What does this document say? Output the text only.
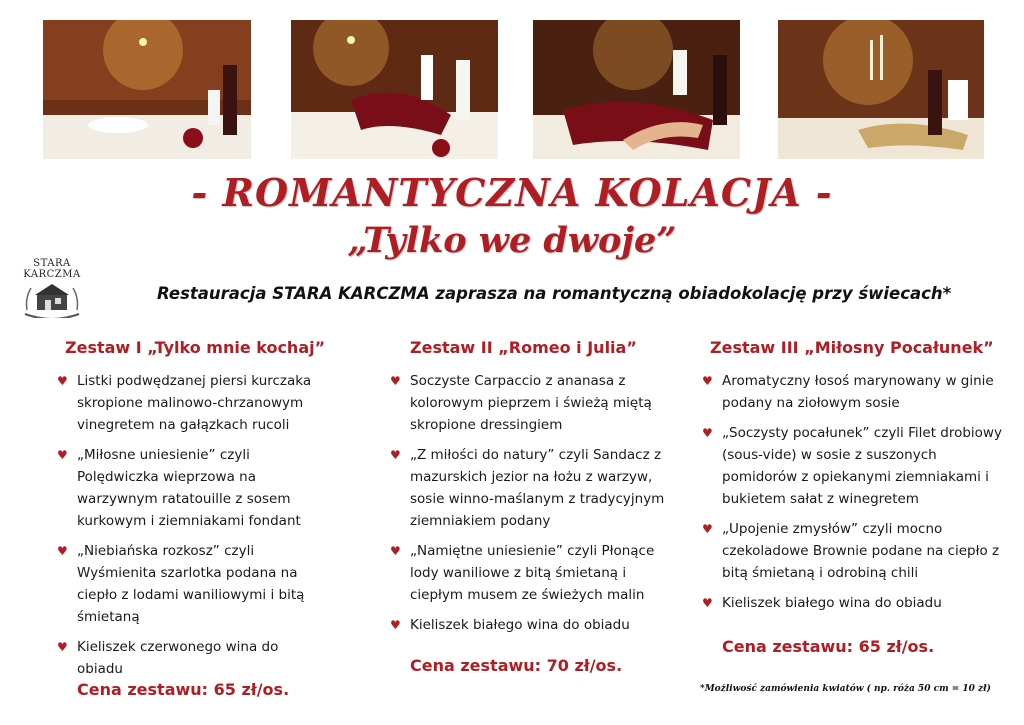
- ROMANTYCZNA KOLACJA -
„Tylko we dwoje”
STARA
KARCZMA
Restauracja STARA KARCZMA zaprasza na romantyczną obiadokolację przy świecach*
Zestaw I „Tylko mnie kochaj”
♥ Listki podwędzanej piersi kurczaka skropione malinowo-chrzanowym vinegretem na gałązkach rucoli
♥ „Miłosne uniesienie” czyli Polędwiczka wieprzowa na warzywnym ratatouille z sosem kurkowym i ziemniakami fondant
♥ „Niebiańska rozkosz” czyli Wyśmienita szarlotka podana na ciepło z lodami waniliowymi i bitą śmietaną
♥ Kieliszek czerwonego wina do obiadu
Cena zestawu: 65 zł/os.
Zestaw II „Romeo i Julia”
♥ Soczyste Carpaccio z ananasa z kolorowym pieprzem i świeżą miętą skropione dressingiem
♥ „Z miłości do natury” czyli Sandacz z mazurskich jezior na łożu z warzyw, sosie winno-maślanym z tradycyjnym ziemniakiem podany
♥ „Namiętne uniesienie” czyli Płonące lody waniliowe z bitą śmietaną i ciepłym musem ze świeżych malin
♥ Kieliszek białego wina do obiadu
Cena zestawu: 70 zł/os.
Zestaw III „Miłosny Pocałunek”
♥ Aromatyczny łosoś marynowany w ginie podany na ziołowym sosie
♥ „Soczysty pocałunek” czyli Filet drobiowy (sous-vide) w sosie z suszonych pomidorów z opiekanymi ziemniakami i bukietem sałat z winegretem
♥ „Upojenie zmysłów” czyli mocno czekoladowe Brownie podane na ciepło z bitą śmietaną i odrobiną chili
♥ Kieliszek białego wina do obiadu
Cena zestawu: 65 zł/os.
*Możliwość zamówienia kwiatów ( np. róża 50 cm = 10 zł)
